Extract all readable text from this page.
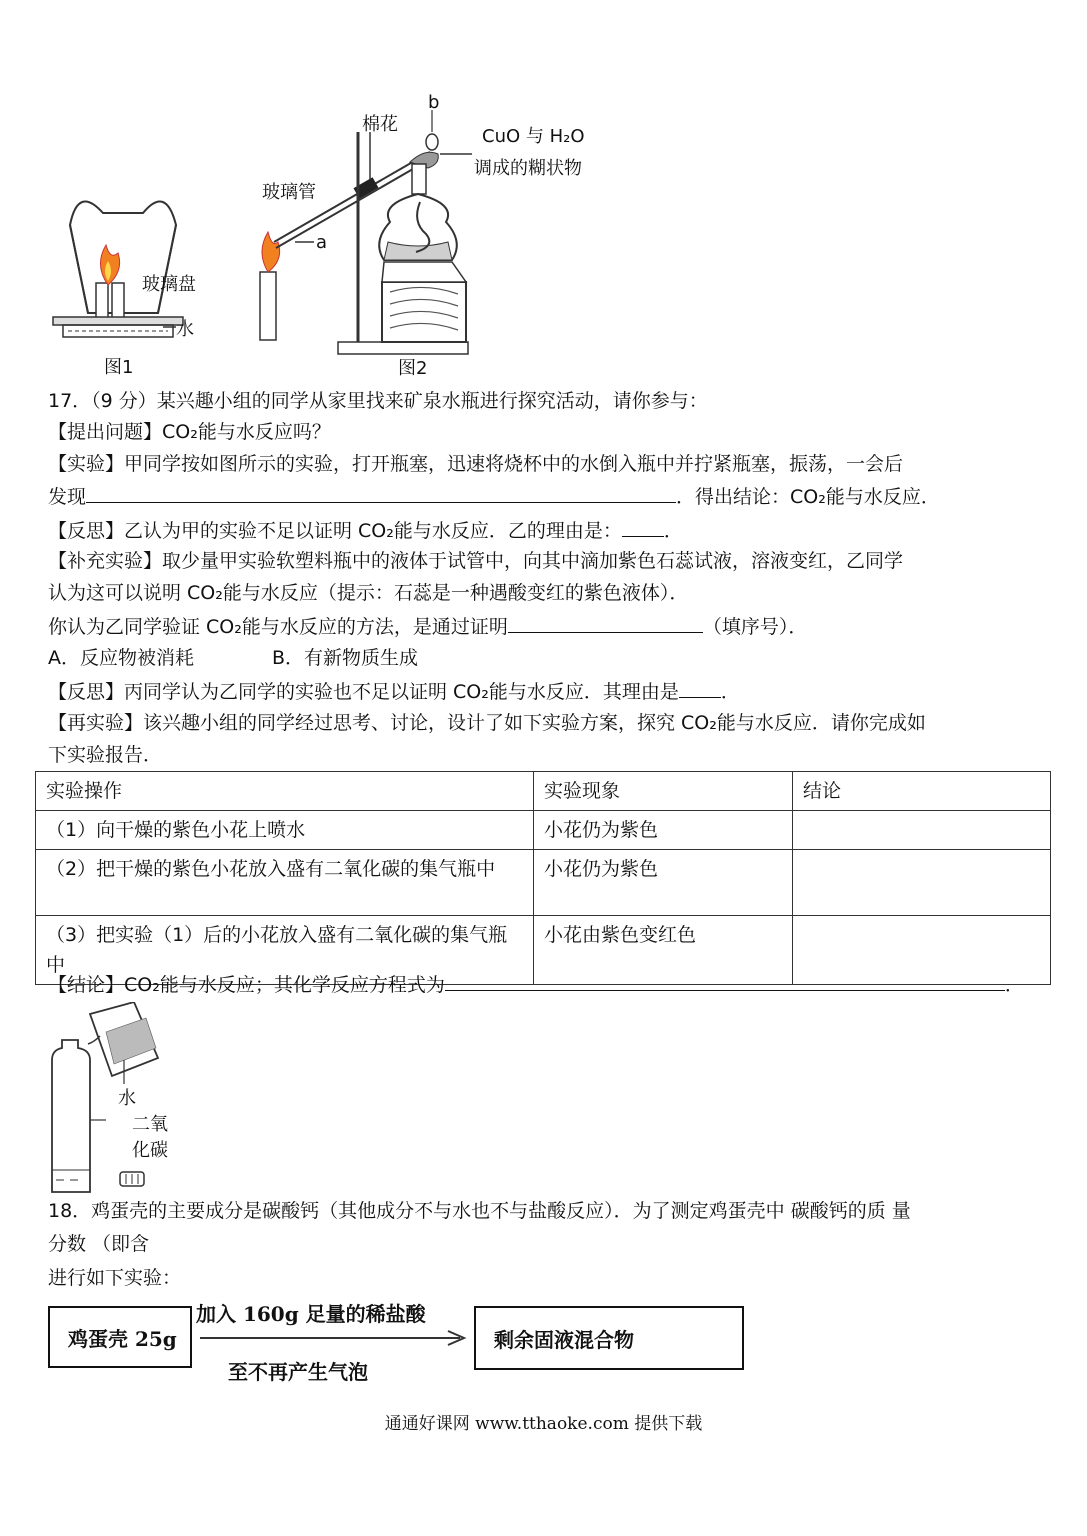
玻璃盘
水
图1
棉花
b
CuO 与 H₂O
调成的糊状物
玻璃管
a
图2
17．（9 分）某兴趣小组的同学从家里找来矿泉水瓶进行探究活动，请你参与：
【提出问题】CO₂能与水反应吗？
【实验】甲同学按如图所示的实验，打开瓶塞，迅速将烧杯中的水倒入瓶中并拧紧瓶塞，振荡，一会后
发现	．得出结论：CO₂能与水反应．
【反思】乙认为甲的实验不足以证明 CO₂能与水反应．乙的理由是： ．
【补充实验】取少量甲实验软塑料瓶中的液体于试管中，向其中滴加紫色石蕊试液，溶液变红，乙同学
认为这可以说明 CO₂能与水反应（提示：石蕊是一种遇酸变红的紫色液体）．
你认为乙同学验证 CO₂能与水反应的方法，是通过证明	（填序号）．
A．反应物被消耗	B．有新物质生成
【反思】丙同学认为乙同学的实验也不足以证明 CO₂能与水反应．其理由是 ．
【再实验】该兴趣小组的同学经过思考、讨论，设计了如下实验方案，探究 CO₂能与水反应．请你完成如
下实验报告．
实验操作	实验现象	结论
（1）向干燥的紫色小花上喷水	小花仍为紫色	
（2）把干燥的紫色小花放入盛有二氧化碳的集气瓶中	小花仍为紫色	
（3）把实验（1）后的小花放入盛有二氧化碳的集气瓶中	小花由紫色变红色	
【结论】CO₂能与水反应；其化学反应方程式为	．
水
二氧
化碳
18．鸡蛋壳的主要成分是碳酸钙（其他成分不与水也不与盐酸反应）．为了测定鸡蛋壳中 碳酸钙的质 量
分数 （即含
进行如下实验：
鸡蛋壳 25g
加入 160g 足量的稀盐酸
至不再产生气泡
剩余固液混合物
通通好课网 www.tthaoke.com 提供下载
